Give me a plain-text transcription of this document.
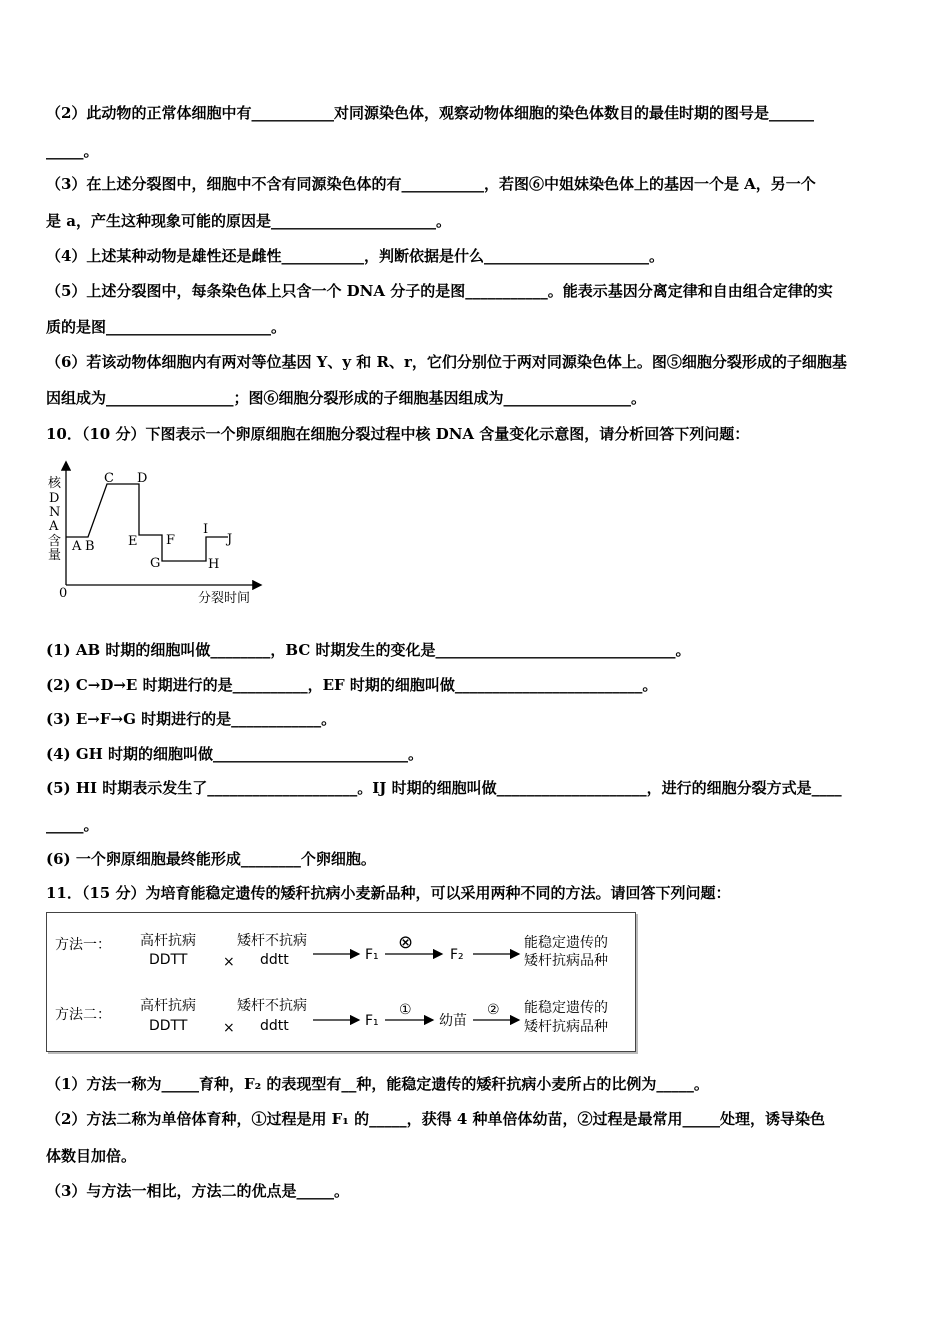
（2）此动物的正常体细胞中有___________对同源染色体，观察动物体细胞的染色体数目的最佳时期的图号是______
_____。
（3）在上述分裂图中，细胞中不含有同源染色体的有___________，若图⑥中姐妹染色体上的基因一个是 A，另一个
是 a，产生这种现象可能的原因是______________________。
（4）上述某种动物是雄性还是雌性___________，判断依据是什么______________________。
（5）上述分裂图中，每条染色体上只含一个 DNA 分子的是图___________。能表示基因分离定律和自由组合定律的实
质的是图______________________。
（6）若该动物体细胞内有两对等位基因 Y、y 和 R、r，它们分别位于两对同源染色体上。图⑤细胞分裂形成的子细胞基
因组成为_________________；图⑥细胞分裂形成的子细胞基因组成为_________________。
10．（10 分）下图表示一个卵原细胞在细胞分裂过程中核 DNA 含量变化示意图，请分析回答下列问题：
核
D
N
A
含
量
0	分裂时间
A B
C D
E F
G	H
I
J
(1) AB 时期的细胞叫做________，BC 时期发生的变化是________________________________。
(2) C→D→E 时期进行的是__________，EF 时期的细胞叫做_________________________。
(3) E→F→G 时期进行的是____________。
(4) GH 时期的细胞叫做__________________________。
(5) HI 时期表示发生了____________________。IJ 时期的细胞叫做____________________，进行的细胞分裂方式是____
_____。
(6) 一个卵原细胞最终能形成________个卵细胞。
11．（15 分）为培育能稳定遗传的矮秆抗病小麦新品种，可以采用两种不同的方法。请回答下列问题：
方法一： 高杆抗病
DDTT	×
矮杆不抗病
ddtt	F₁
⊗
F₂
能稳定遗传的
矮杆抗病品种
方法二：
高杆抗病
DDTT	×
矮杆不抗病
ddtt	F₁
①
幼苗
② 能稳定遗传的
矮杆抗病品种
（1）方法一称为_____育种，F₂ 的表现型有__种，能稳定遗传的矮秆抗病小麦所占的比例为_____。
（2）方法二称为单倍体育种，①过程是用 F₁ 的_____，获得 4 种单倍体幼苗，②过程是最常用_____处理，诱导染色
体数目加倍。
（3）与方法一相比，方法二的优点是_____。
